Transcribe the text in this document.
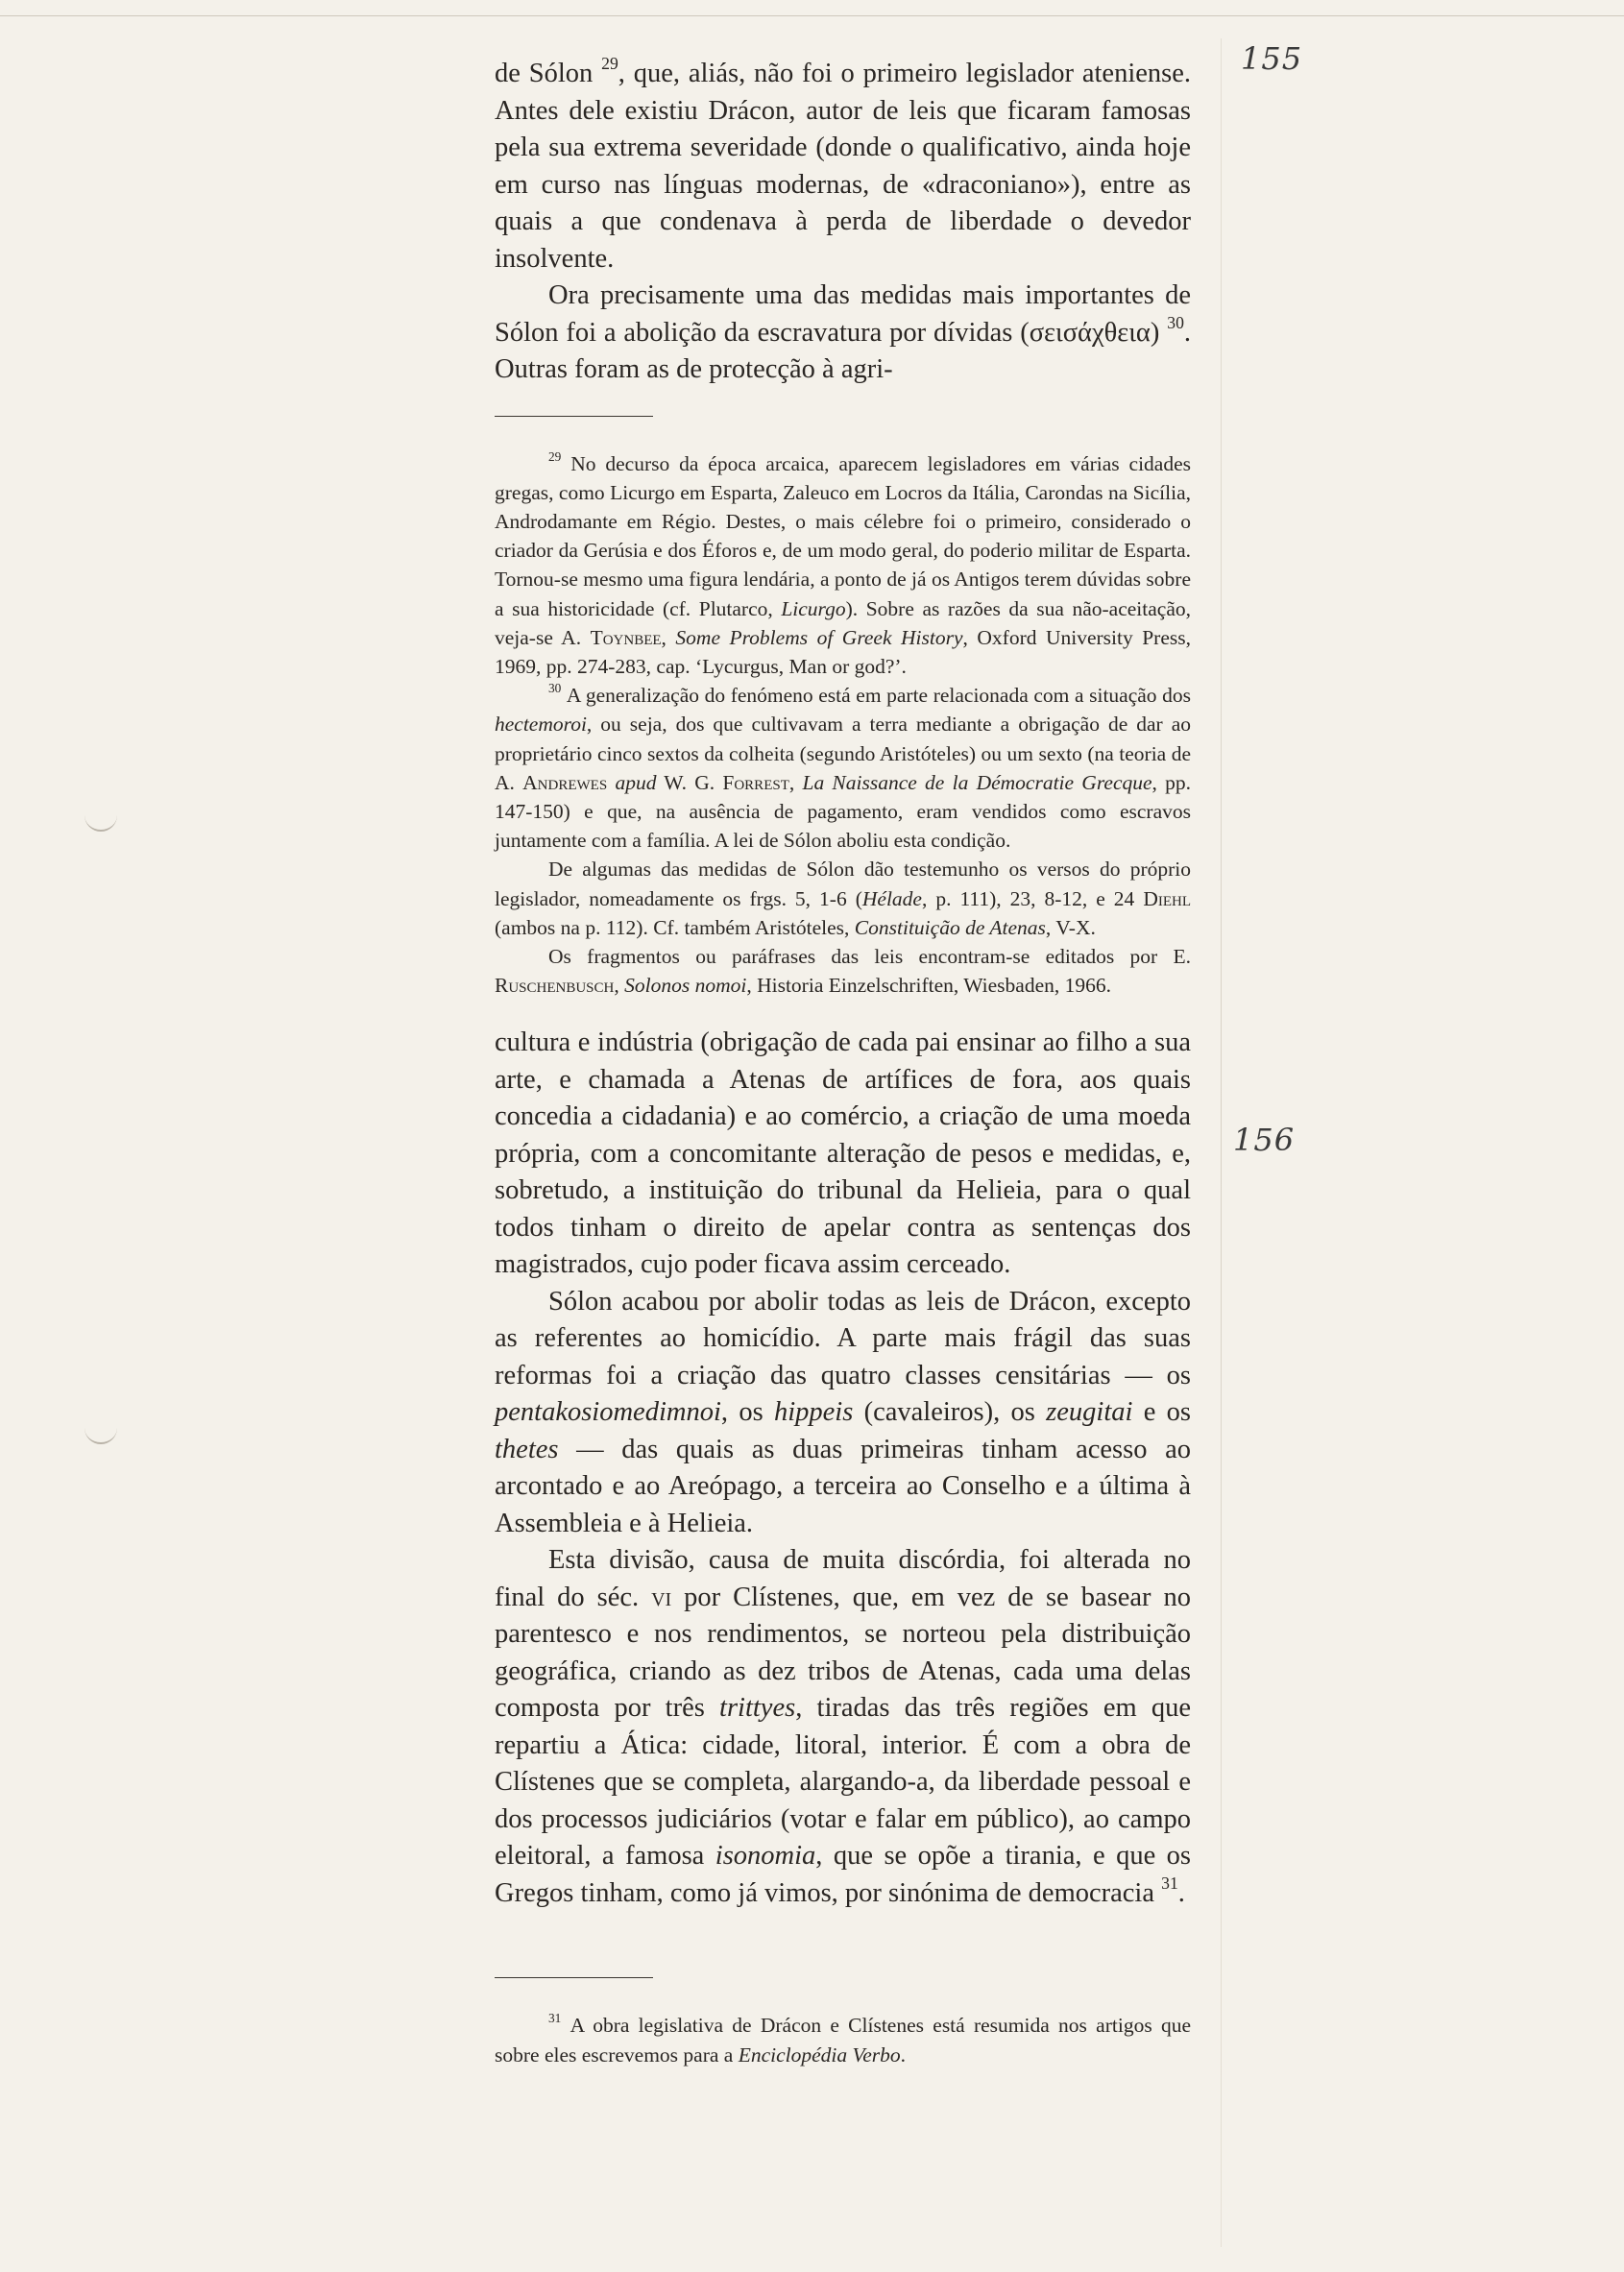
155
156

de Sólon $^{29}$, que, aliás, não foi o primeiro legislador ateniense. Antes dele existiu Drácon, autor de leis que ficaram famosas pela sua extrema severidade (donde o qualificativo, ainda hoje em curso nas línguas modernas, de «draconiano»), entre as quais a que condenava à perda de liberdade o devedor insolvente.

Ora precisamente uma das medidas mais importantes de Sólon foi a abolição da escravatura por dívidas (σεισάχθεια) $^{30}$. Outras foram as de protecção à agri-

$^{29}$ No decurso da época arcaica, aparecem legisladores em várias cidades gregas, como Licurgo em Esparta, Zaleuco em Locros da Itália, Carondas na Sicília, Androdamante em Régio. Destes, o mais célebre foi o primeiro, considerado o criador da Gerúsia e dos Éforos e, de um modo geral, do poderio militar de Esparta. Tornou-se mesmo uma figura lendária, a ponto de já os Antigos terem dúvidas sobre a sua historicidade (cf. Plutarco, Licurgo). Sobre as razões da sua não-aceitação, veja-se A. Toynbee, Some Problems of Greek History, Oxford University Press, 1969, pp. 274-283, cap. ‘Lycurgus, Man or god?’.

$^{30}$ A generalização do fenómeno está em parte relacionada com a situação dos hectemoroi, ou seja, dos que cultivavam a terra mediante a obrigação de dar ao proprietário cinco sextos da colheita (segundo Aristóteles) ou um sexto (na teoria de A. Andrewes apud W. G. Forrest, La Naissance de la Démocratie Grecque, pp. 147-150) e que, na ausência de pagamento, eram vendidos como escravos juntamente com a família. A lei de Sólon aboliu esta condição.

De algumas das medidas de Sólon dão testemunho os versos do próprio legislador, nomeadamente os frgs. 5, 1-6 (Hélade, p. 111), 23, 8-12, e 24 Diehl (ambos na p. 112). Cf. também Aristóteles, Constituição de Atenas, V-X.

Os fragmentos ou paráfrases das leis encontram-se editados por E. Ruschenbusch, Solonos nomoi, Historia Einzelschriften, Wiesbaden, 1966.

cultura e indústria (obrigação de cada pai ensinar ao filho a sua arte, e chamada a Atenas de artífices de fora, aos quais concedia a cidadania) e ao comércio, a criação de uma moeda própria, com a concomitante alteração de pesos e medidas, e, sobretudo, a instituição do tribunal da Helieia, para o qual todos tinham o direito de apelar contra as sentenças dos magistrados, cujo poder ficava assim cerceado.

Sólon acabou por abolir todas as leis de Drácon, excepto as referentes ao homicídio. A parte mais frágil das suas reformas foi a criação das quatro classes censitárias — os pentakosiomedimnoi, os hippeis (cavaleiros), os zeugitai e os thetes — das quais as duas primeiras tinham acesso ao arcontado e ao Areópago, a terceira ao Conselho e a última à Assembleia e à Helieia.

Esta divisão, causa de muita discórdia, foi alterada no final do séc. vi por Clístenes, que, em vez de se basear no parentesco e nos rendimentos, se norteou pela distribuição geográfica, criando as dez tribos de Atenas, cada uma delas composta por três trittyes, tiradas das três regiões em que repartiu a Ática: cidade, litoral, interior. É com a obra de Clístenes que se completa, alargando-a, da liberdade pessoal e dos processos judiciários (votar e falar em público), ao campo eleitoral, a famosa isonomia, que se opõe a tirania, e que os Gregos tinham, como já vimos, por sinónima de democracia $^{31}$.

$^{31}$ A obra legislativa de Drácon e Clístenes está resumida nos artigos que sobre eles escrevemos para a Enciclopédia Verbo.
